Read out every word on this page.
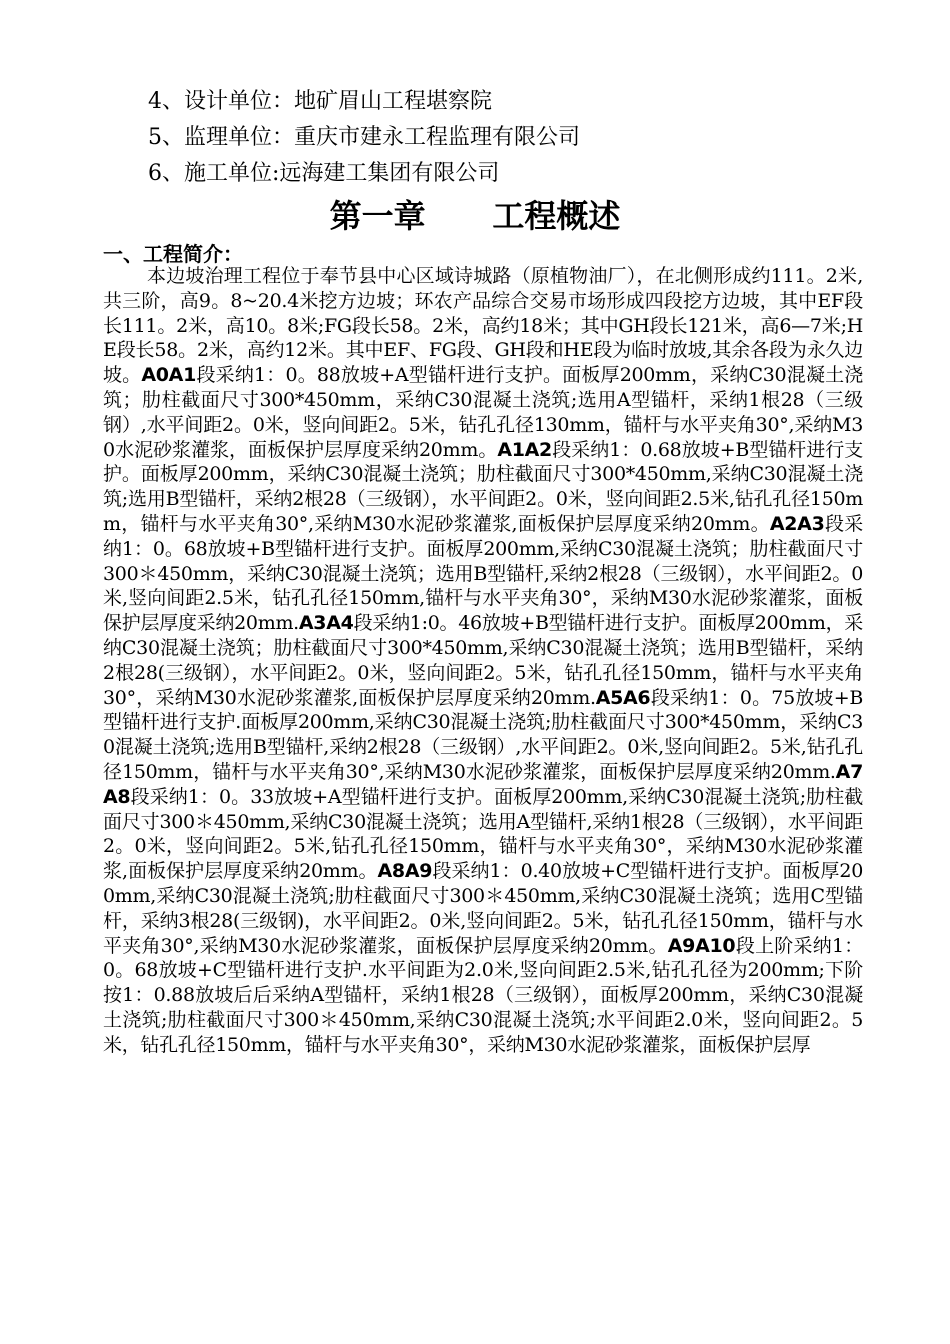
4、设计单位：地矿眉山工程堪察院
5、监理单位：重庆市建永工程监理有限公司
6、施工单位:远海建工集团有限公司
第一章      工程概述
一、工程简介：
本边坡治理工程位于奉节县中心区域诗城路（原植物油厂），在北侧形成约111。2米,共三阶，高9。8~20.4米挖方边坡；环农产品综合交易市场形成四段挖方边坡，其中EF段长111。2米，高10。8米;FG段长58。2米，高约18米；其中GH段长121米，高6—7米;HE段长58。2米，高约12米。其中EF、FG段、GH段和HE段为临时放坡,其余各段为永久边坡。A0A1段采纳1：0。88放坡+A型锚杆进行支护。面板厚200mm，采纳C30混凝土浇筑；肋柱截面尺寸300*450mm，采纳C30混凝土浇筑;选用A型锚杆，采纳1根28（三级钢）,水平间距2。0米，竖向间距2。5米，钻孔孔径130mm，锚杆与水平夹角30°,采纳M30水泥砂浆灌浆，面板保护层厚度采纳20mm。A1A2段采纳1：0.68放坡+B型锚杆进行支护。面板厚200mm，采纳C30混凝土浇筑；肋柱截面尺寸300*450mm,采纳C30混凝土浇筑;选用B型锚杆，采纳2根28（三级钢），水平间距2。0米，竖向间距2.5米,钻孔孔径150mm，锚杆与水平夹角30°,采纳M30水泥砂浆灌浆,面板保护层厚度采纳20mm。A2A3段采纳1：0。68放坡+B型锚杆进行支护。面板厚200mm,采纳C30混凝土浇筑；肋柱截面尺寸300＊450mm，采纳C30混凝土浇筑；选用B型锚杆,采纳2根28（三级钢），水平间距2。0米,竖向间距2.5米，钻孔孔径150mm,锚杆与水平夹角30°，采纳M30水泥砂浆灌浆，面板保护层厚度采纳20mm.A3A4段采纳1:0。46放坡+B型锚杆进行支护。面板厚200mm，采纳C30混凝土浇筑；肋柱截面尺寸300*450mm,采纳C30混凝土浇筑；选用B型锚杆，采纳2根28(三级钢），水平间距2。0米，竖向间距2。5米，钻孔孔径150mm，锚杆与水平夹角30°，采纳M30水泥砂浆灌浆,面板保护层厚度采纳20mm.A5A6段采纳1：0。75放坡+B型锚杆进行支护.面板厚200mm,采纳C30混凝土浇筑;肋柱截面尺寸300*450mm，采纳C30混凝土浇筑;选用B型锚杆,采纳2根28（三级钢）,水平间距2。0米,竖向间距2。5米,钻孔孔径150mm，锚杆与水平夹角30°,采纳M30水泥砂浆灌浆，面板保护层厚度采纳20mm.A7A8段采纳1：0。33放坡+A型锚杆进行支护。面板厚200mm,采纳C30混凝土浇筑;肋柱截面尺寸300＊450mm,采纳C30混凝土浇筑；选用A型锚杆,采纳1根28（三级钢），水平间距2。0米，竖向间距2。5米,钻孔孔径150mm，锚杆与水平夹角30°，采纳M30水泥砂浆灌浆,面板保护层厚度采纳20mm。A8A9段采纳1：0.40放坡+C型锚杆进行支护。面板厚200mm,采纳C30混凝土浇筑;肋柱截面尺寸300＊450mm,采纳C30混凝土浇筑；选用C型锚杆，采纳3根28(三级钢)，水平间距2。0米,竖向间距2。5米，钻孔孔径150mm，锚杆与水平夹角30°,采纳M30水泥砂浆灌浆，面板保护层厚度采纳20mm。A9A10段上阶采纳1：0。68放坡+C型锚杆进行支护.水平间距为2.0米,竖向间距2.5米,钻孔孔径为200mm;下阶按1：0.88放坡后后采纳A型锚杆，采纳1根28（三级钢），面板厚200mm，采纳C30混凝土浇筑;肋柱截面尺寸300＊450mm,采纳C30混凝土浇筑;水平间距2.0米，竖向间距2。5米，钻孔孔径150mm，锚杆与水平夹角30°，采纳M30水泥砂浆灌浆，面板保护层厚
